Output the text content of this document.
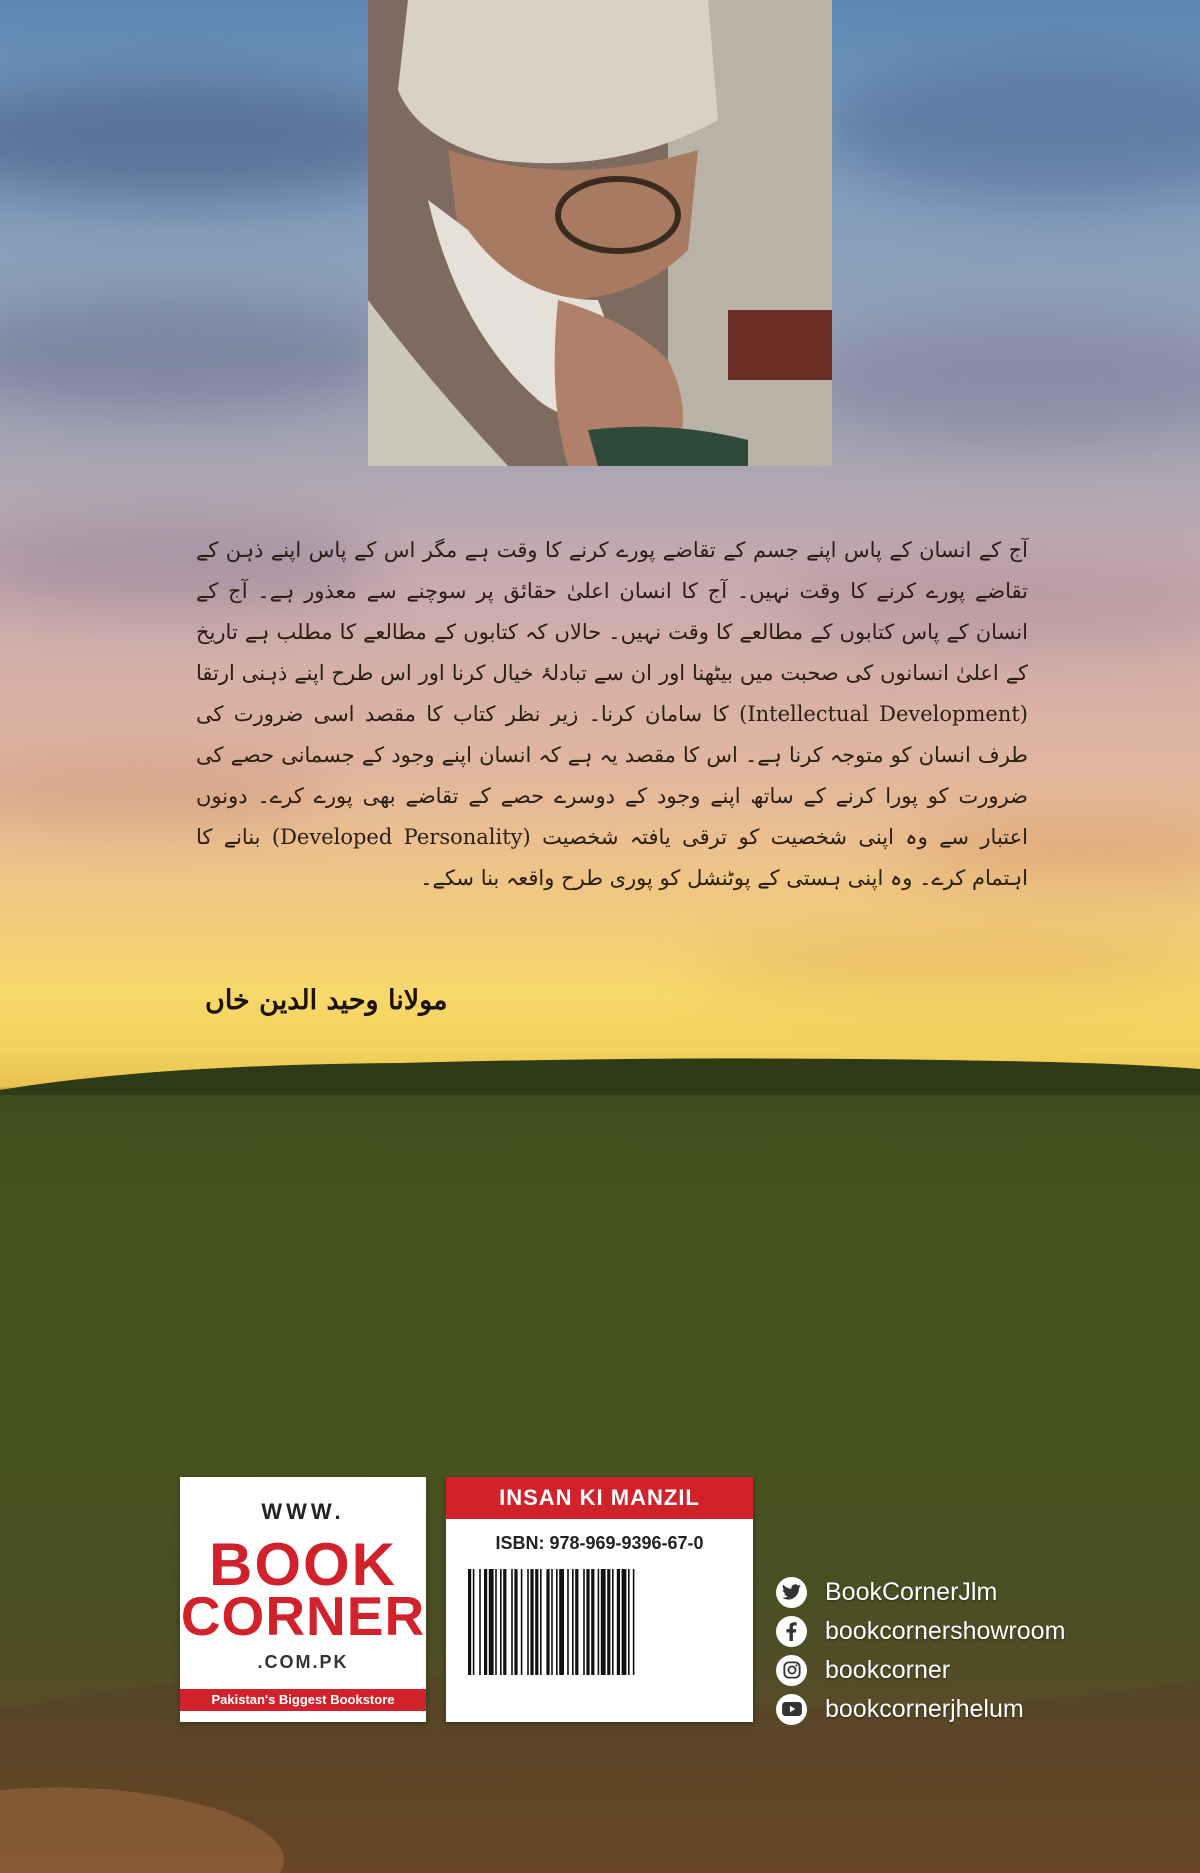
آج کے انسان کے پاس اپنے جسم کے تقاضے پورے کرنے کا وقت ہے مگر اس کے پاس اپنے ذہن کے تقاضے پورے کرنے کا وقت نہیں۔ آج کا انسان اعلیٰ حقائق پر سوچنے سے معذور ہے۔ آج کے انسان کے پاس کتابوں کے مطالعے کا وقت نہیں۔ حالاں کہ کتابوں کے مطالعے کا مطلب ہے تاریخ کے اعلیٰ انسانوں کی صحبت میں بیٹھنا اور ان سے تبادلۂ خیال کرنا اور اس طرح اپنے ذہنی ارتقا (Intellectual Development) کا سامان کرنا۔ زیر نظر کتاب کا مقصد اسی ضرورت کی طرف انسان کو متوجہ کرنا ہے۔ اس کا مقصد یہ ہے کہ انسان اپنے وجود کے جسمانی حصے کی ضرورت کو پورا کرنے کے ساتھ اپنے وجود کے دوسرے حصے کے تقاضے بھی پورے کرے۔ دونوں اعتبار سے وہ اپنی شخصیت کو ترقی یافتہ شخصیت (Developed Personality) بنانے کا اہتمام کرے۔ وہ اپنی ہستی کے پوٹنشل کو پوری طرح واقعہ بنا سکے۔
مولانا وحید الدین خاں
WWW.
BOOK
CORNER
.COM.PK
Pakistan's Biggest Bookstore
INSAN KI MANZIL
ISBN: 978-969-9396-67-0
BookCornerJlm
bookcornershowroom
bookcorner
bookcornerjhelum
